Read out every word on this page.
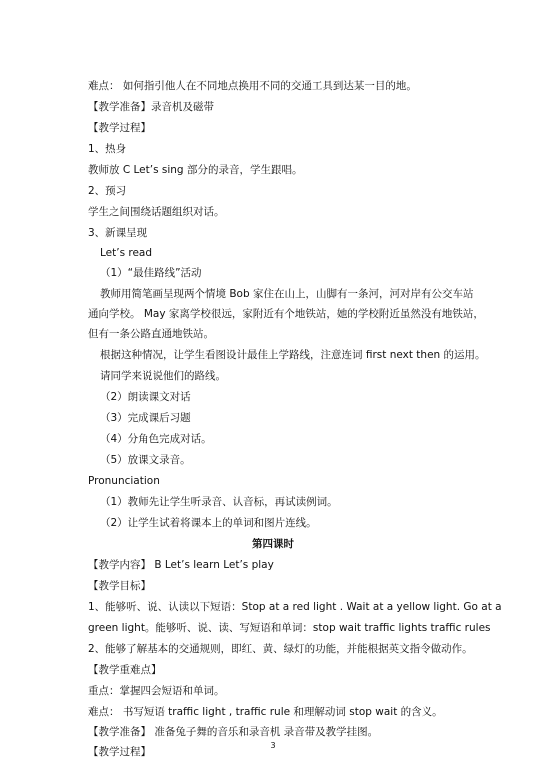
难点： 如何指引他人在不同地点换用不同的交通工具到达某一目的地。
【教学准备】录音机及磁带
【教学过程】
1、热身
教师放 C Let’s sing 部分的录音，学生跟唱。
2、预习
学生之间围绕话题组织对话。
3、新课呈现
Let’s read
（1）“最佳路线”活动
教师用简笔画呈现两个情境 Bob 家住在山上，山脚有一条河，河对岸有公交车站
通向学校。 May 家离学校很远，家附近有个地铁站，她的学校附近虽然没有地铁站，
但有一条公路直通地铁站。
根据这种情况，让学生看图设计最佳上学路线，注意连词 first next then 的运用。
请同学来说说他们的路线。
（2）朗读课文对话
（3）完成课后习题
（4）分角色完成对话。
（5）放课文录音。
Pronunciation
（1）教师先让学生听录音、认音标，再试读例词。
（2）让学生试着将课本上的单词和图片连线。
第四课时
【教学内容】 B Let’s learn Let’s play
【教学目标】
1、能够听、说、认读以下短语：Stop at a red light . Wait at a yellow light. Go at a
green light。能够听、说、读、写短语和单词：stop wait traffic lights traffic rules
2、能够了解基本的交通规则，即红、黄、绿灯的功能，并能根据英文指令做动作。
【教学重难点】
重点：掌握四会短语和单词。
难点： 书写短语 traffic light , traffic rule 和理解动词 stop wait 的含义。
【教学准备】 准备兔子舞的音乐和录音机 录音带及教学挂图。
【教学过程】
3
